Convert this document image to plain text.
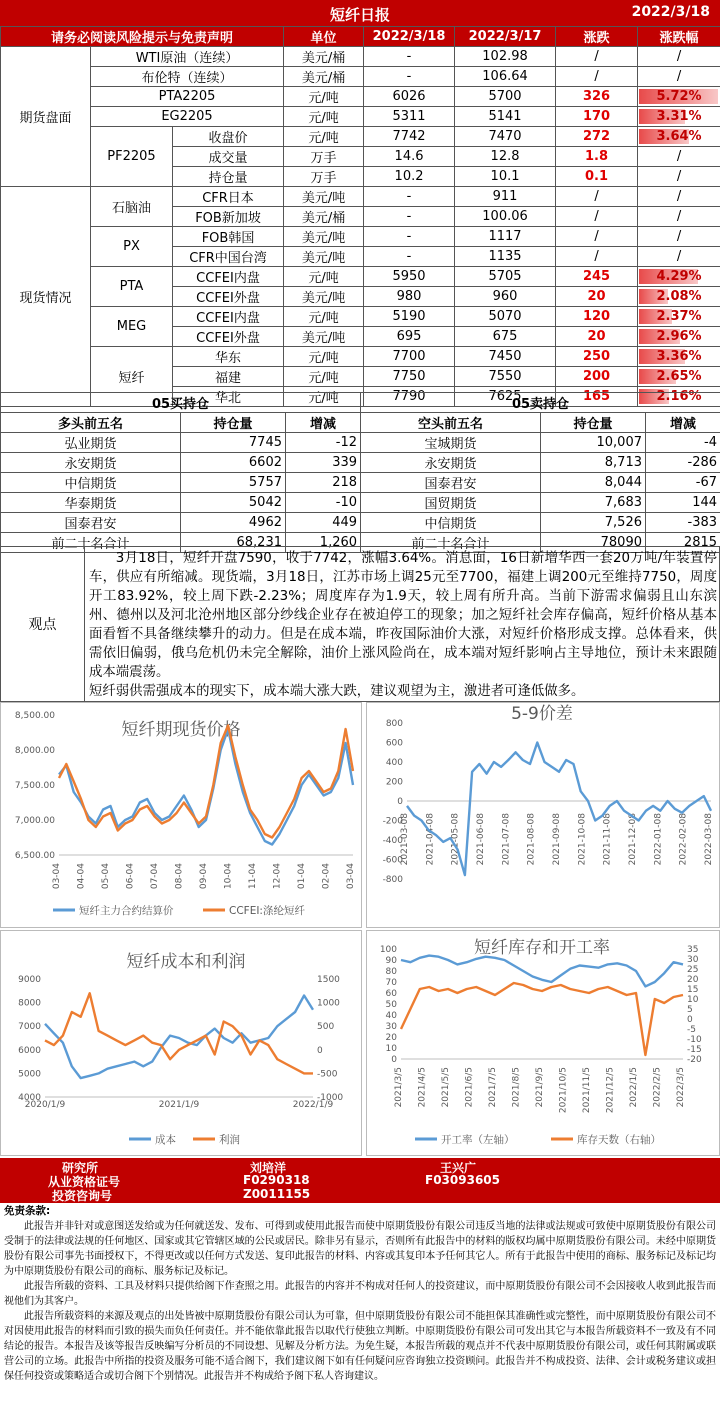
短纤日报	2022/3/18
请务必阅读风险提示与免责声明			单位	2022/3/18	2022/3/17	涨跌	涨跌幅
期货盘面	WTI原油（连续）		美元/桶	-	102.98	/	/
	布伦特（连续）		美元/桶	-	106.64	/	/
	PTA2205		元/吨	6026	5700	326	5.72%

	EG2205		元/吨	5311	5141	170	3.31%

	PF2205	收盘价	元/吨	7742	7470	272	3.64%

		成交量	万手	14.6	12.8	1.8	/
		持仓量	万手	10.2	10.1	0.1	/
现货情况	石脑油	CFR日本	美元/吨	-	911	/	/
		FOB新加坡	美元/桶	-	100.06	/	/
	PX	FOB韩国	美元/吨	-	1117	/	/
		CFR中国台湾	美元/吨	-	1135	/	/
	PTA	CCFEI内盘	元/吨	5950	5705	245	4.29%

		CCFEI外盘	美元/吨	980	960	20	2.08%

	MEG	CCFEI内盘	元/吨	5190	5070	120	2.37%

		CCFEI外盘	美元/吨	695	675	20	2.96%

	短纤	华东	元/吨	7700	7450	250	3.36%

		福建	元/吨	7750	7550	200	2.65%

		华北	元/吨	7790	7625	165	2.16%
05买持仓		
多头前五名	持仓量	增减
弘业期货	7745	-12
永安期货	6602	339
中信期货	5757	218
华泰期货	5042	-10
国泰君安	4962	449
前二十名合计	68,231	1,260
05卖持仓		
空头前五名	持仓量	增减
宝城期货	10,007	-4
永安期货	8,713	-286
国泰君安	8,044	-67
国贸期货	7,683	144
中信期货	7,526	-383
前二十名合计	78090	2815
观点

3月18日，短纤开盘7590，收于7742，涨幅3.64%。消息面，16日新增华西一套20万吨/年装置停车，供应有所缩减。现货端，3月18日，江苏市场上调25元至7700，福建上调200元至维持7750，周度开工83.92%，较上周下跌-2.23%；周度库存为1.9天，较上周有所升高。当前下游需求偏弱且山东滨州、德州以及河北沧州地区部分纱线企业存在被迫停工的现象；加之短纤社会库存偏高，短纤价格从基本面看暂不具备继续攀升的动力。但是在成本端，昨夜国际油价大涨，对短纤价格形成支撑。总体看来，供需依旧偏弱，俄乌危机仍未完全解除，油价上涨风险尚在，成本端对短纤影响占主导地位，预计未来跟随成本端震荡。

短纤弱供需强成本的现实下，成本端大涨大跌，建议观望为主，激进者可逢低做多。

短纤期现货价格
8,500.00
8,000.00
7,500.00
7,000.00
6,500.00
03-04 04-04 05-04 06-04 07-04 08-04 09-04 10-04 11-04 12-04 01-04 02-04 03-04
短纤主力合约结算价	CCFEI:涤纶短纤
5-9价差
800
600
400
200
0
-200
-400
-600
-800
2021-03-08 2021-04-08 2021-05-08 2021-06-08 2021-07-08 2021-08-08 2021-09-08 2021-10-08 2021-11-08 2021-12-08 2022-01-08 2022-02-08 2022-03-08
短纤成本和利润
9000
8000
7000
6000
5000
4000
1500
1000
500
0
-500
-1000
2020/1/9	2021/1/9	2022/1/9
成本	利润
短纤库存和开工率
100
90
80
70
60
50
40
30
20
10
0
35
30
25
20
15
10
5
0
-5
-10
-15
-20
2021/3/5 2021/4/5 2021/5/5 2021/6/5 2021/7/5 2021/8/5 2021/9/5 2021/10/5 2021/11/5 2021/12/5 2022/1/5 2022/2/5 2022/3/5
开工率（左轴）	库存天数（右轴）
研究所
从业资格证号
投资咨询号
刘培洋
F0290318
Z0011155
王兴广
F03093605
免责条款:

此报告并非针对或意图送发给或为任何就送发、发布、可得到或使用此报告而使中原期货股份有限公司违反当地的法律或法规或可致使中原期货股份有限公司受制于的法律或法规的任何地区、国家或其它管辖区域的公民或居民。除非另有显示，否则所有此报告中的材料的版权均属中原期货股份有限公司。未经中原期货股份有限公司事先书面授权下，不得更改或以任何方式发送、复印此报告的材料、内容或其复印本予任何其它人。所有于此报告中使用的商标、服务标记及标记均为中原期货股份有限公司的商标、服务标记及标记。

此报告所载的资料、工具及材料只提供给阁下作查照之用。此报告的内容并不构成对任何人的投资建议，而中原期货股份有限公司不会因接收人收到此报告而视他们为其客户。

此报告所载资料的来源及观点的出处皆被中原期货股份有限公司认为可靠，但中原期货股份有限公司不能担保其准确性或完整性，而中原期货股份有限公司不对因使用此报告的材料而引致的损失而负任何责任。并不能依靠此报告以取代行使独立判断。中原期货股份有限公司可发出其它与本报告所载资料不一致及有不同结论的报告。本报告及该等报告反映编写分析员的不同设想、见解及分析方法。为免生疑，本报告所载的观点并不代表中原期货股份有限公司，或任何其附属或联营公司的立场。此报告中所指的投资及服务可能不适合阁下，我们建议阁下如有任何疑问应咨询独立投资顾问。此报告并不构成投资、法律、会计或税务建议或担保任何投资或策略适合或切合阁下个别情况。此报告并不构成给予阁下私人咨询建议。
